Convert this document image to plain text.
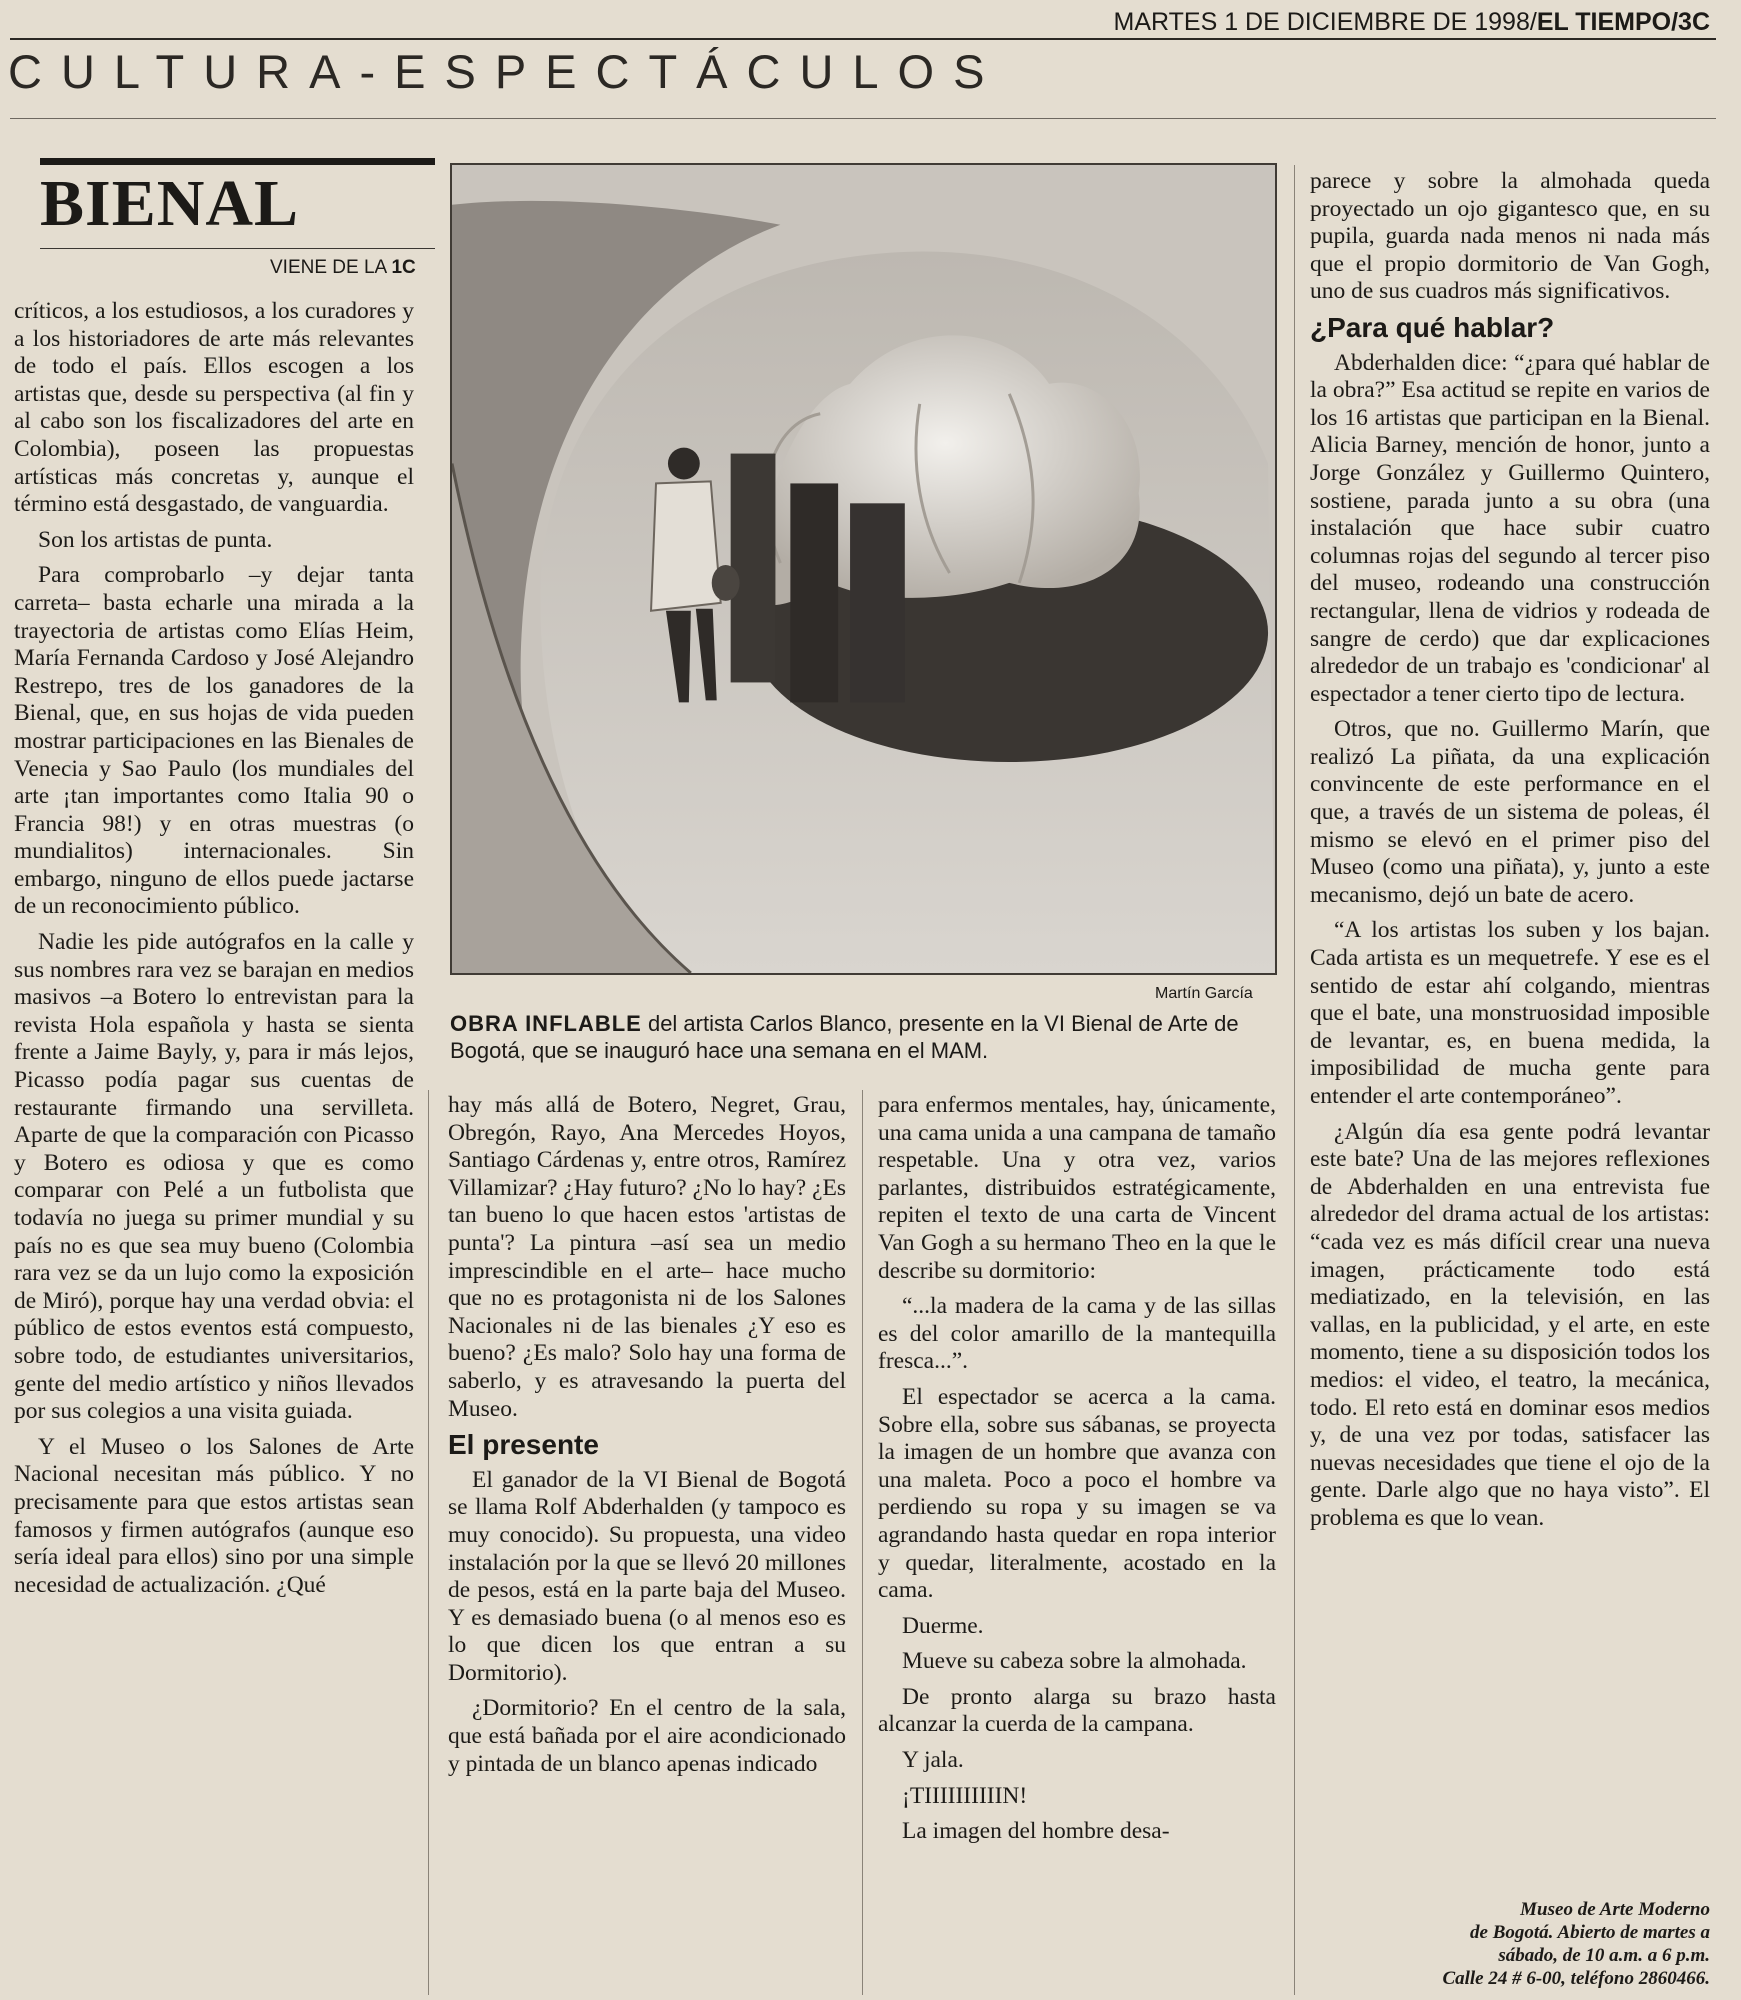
MARTES 1 DE DICIEMBRE DE 1998/EL TIEMPO/3C
CULTURA-ESPECTÁCULOS
BIENAL
VIENE DE LA 1C

críticos, a los estudiosos, a los curadores y a los historiadores de arte más relevantes de todo el país. Ellos escogen a los artistas que, desde su perspectiva (al fin y al cabo son los fiscalizadores del arte en Colombia), poseen las propuestas artísticas más concretas y, aunque el término está desgastado, de vanguardia.

Son los artistas de punta.

Para comprobarlo –y dejar tanta carreta– basta echarle una mirada a la trayectoria de artistas como Elías Heim, María Fernanda Cardoso y José Alejandro Restrepo, tres de los ganadores de la Bienal, que, en sus hojas de vida pueden mostrar participaciones en las Bienales de Venecia y Sao Paulo (los mundiales del arte ¡tan importantes como Italia 90 o Francia 98!) y en otras muestras (o mundialitos) internacionales. Sin embargo, ninguno de ellos puede jactarse de un reconocimiento público.

Nadie les pide autógrafos en la calle y sus nombres rara vez se barajan en medios masivos –a Botero lo entrevistan para la revista Hola española y hasta se sienta frente a Jaime Bayly, y, para ir más lejos, Picasso podía pagar sus cuentas de restaurante firmando una servilleta. Aparte de que la comparación con Picasso y Botero es odiosa y que es como comparar con Pelé a un futbolista que todavía no juega su primer mundial y su país no es que sea muy bueno (Colombia rara vez se da un lujo como la exposición de Miró), porque hay una verdad obvia: el público de estos eventos está compuesto, sobre todo, de estudiantes universitarios, gente del medio artístico y niños llevados por sus colegios a una visita guiada.

Y el Museo o los Salones de Arte Nacional necesitan más público. Y no precisamente para que estos artistas sean famosos y firmen autógrafos (aunque eso sería ideal para ellos) sino por una simple necesidad de actualización. ¿Qué

Martín García
OBRA INFLABLE del artista Carlos Blanco, presente en la VI Bienal de Arte de Bogotá, que se inauguró hace una semana en el MAM.

hay más allá de Botero, Negret, Grau, Obregón, Rayo, Ana Mercedes Hoyos, Santiago Cárdenas y, entre otros, Ramírez Villamizar? ¿Hay futuro? ¿No lo hay? ¿Es tan bueno lo que hacen estos 'artistas de punta'? La pintura –así sea un medio imprescindible en el arte– hace mucho que no es protagonista ni de los Salones Nacionales ni de las bienales ¿Y eso es bueno? ¿Es malo? Solo hay una forma de saberlo, y es atravesando la puerta del Museo.

El presente

El ganador de la VI Bienal de Bogotá se llama Rolf Abderhalden (y tampoco es muy conocido). Su propuesta, una video instalación por la que se llevó 20 millones de pesos, está en la parte baja del Museo. Y es demasiado buena (o al menos eso es lo que dicen los que entran a su Dormitorio).

¿Dormitorio? En el centro de la sala, que está bañada por el aire acondicionado y pintada de un blanco apenas indicado

para enfermos mentales, hay, únicamente, una cama unida a una campana de tamaño respetable. Una y otra vez, varios parlantes, distribuidos estratégicamente, repiten el texto de una carta de Vincent Van Gogh a su hermano Theo en la que le describe su dormitorio:

“...la madera de la cama y de las sillas es del color amarillo de la mantequilla fresca...”.

El espectador se acerca a la cama. Sobre ella, sobre sus sábanas, se proyecta la imagen de un hombre que avanza con una maleta. Poco a poco el hombre va perdiendo su ropa y su imagen se va agrandando hasta quedar en ropa interior y quedar, literalmente, acostado en la cama.

Duerme.

Mueve su cabeza sobre la almohada.

De pronto alarga su brazo hasta alcanzar la cuerda de la campana.

Y jala.

¡TIIIIIIIIIIN!

La imagen del hombre desa-

parece y sobre la almohada queda proyectado un ojo gigantesco que, en su pupila, guarda nada menos ni nada más que el propio dormitorio de Van Gogh, uno de sus cuadros más significativos.

¿Para qué hablar?

Abderhalden dice: “¿para qué hablar de la obra?” Esa actitud se repite en varios de los 16 artistas que participan en la Bienal. Alicia Barney, mención de honor, junto a Jorge González y Guillermo Quintero, sostiene, parada junto a su obra (una instalación que hace subir cuatro columnas rojas del segundo al tercer piso del museo, rodeando una construcción rectangular, llena de vidrios y rodeada de sangre de cerdo) que dar explicaciones alrededor de un trabajo es 'condicionar' al espectador a tener cierto tipo de lectura.

Otros, que no. Guillermo Marín, que realizó La piñata, da una explicación convincente de este performance en el que, a través de un sistema de poleas, él mismo se elevó en el primer piso del Museo (como una piñata), y, junto a este mecanismo, dejó un bate de acero.

“A los artistas los suben y los bajan. Cada artista es un mequetrefe. Y ese es el sentido de estar ahí colgando, mientras que el bate, una monstruosidad imposible de levantar, es, en buena medida, la imposibilidad de mucha gente para entender el arte contemporáneo”.

¿Algún día esa gente podrá levantar este bate? Una de las mejores reflexiones de Abderhalden en una entrevista fue alrededor del drama actual de los artistas: “cada vez es más difícil crear una nueva imagen, prácticamente todo está mediatizado, en la televisión, en las vallas, en la publicidad, y el arte, en este momento, tiene a su disposición todos los medios: el video, el teatro, la mecánica, todo. El reto está en dominar esos medios y, de una vez por todas, satisfacer las nuevas necesidades que tiene el ojo de la gente. Darle algo que no haya visto”. El problema es que lo vean.

Museo de Arte Moderno
de Bogotá. Abierto de martes a
sábado, de 10 a.m. a 6 p.m.
Calle 24 # 6-00, teléfono 2860466.
